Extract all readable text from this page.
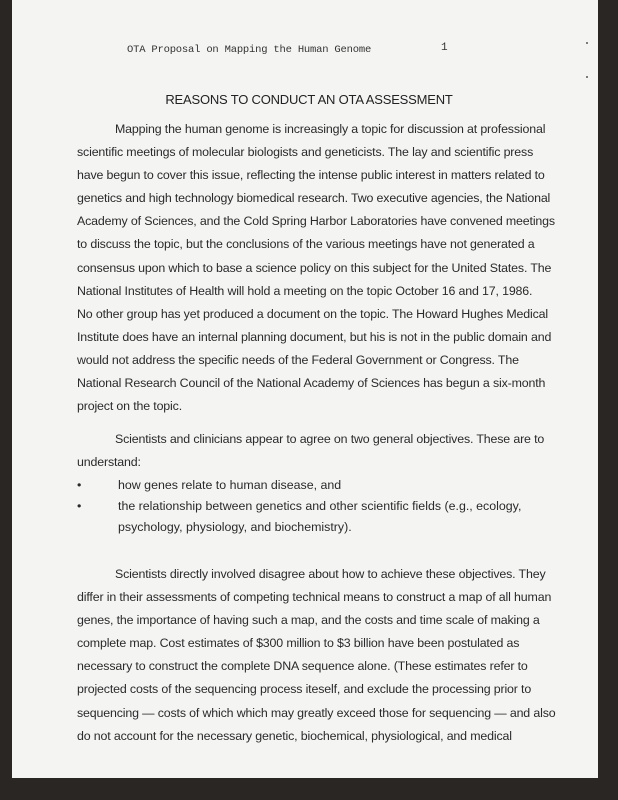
OTA Proposal on Mapping the Human Genome	1
REASONS TO CONDUCT AN OTA ASSESSMENT
Mapping the human genome is increasingly a topic for discussion at professional
scientific meetings of molecular biologists and geneticists. The lay and scientific press
have begun to cover this issue, reflecting the intense public interest in matters related to
genetics and high technology biomedical research. Two executive agencies, the National
Academy of Sciences, and the Cold Spring Harbor Laboratories have convened meetings
to discuss the topic, but the conclusions of the various meetings have not generated a
consensus upon which to base a science policy on this subject for the United States. The
National Institutes of Health will hold a meeting on the topic October 16 and 17, 1986.
No other group has yet produced a document on the topic. The Howard Hughes Medical
Institute does have an internal planning document, but his is not in the public domain and
would not address the specific needs of the Federal Government or Congress. The
National Research Council of the National Academy of Sciences has begun a six-month
project on the topic.
Scientists and clinicians appear to agree on two general objectives. These are to
understand:
•	how genes relate to human disease, and
•	the relationship between genetics and other scientific fields (e.g., ecology,
psychology, physiology, and biochemistry).
Scientists directly involved disagree about how to achieve these objectives. They
differ in their assessments of competing technical means to construct a map of all human
genes, the importance of having such a map, and the costs and time scale of making a
complete map. Cost estimates of $300 million to $3 billion have been postulated as
necessary to construct the complete DNA sequence alone. (These estimates refer to
projected costs of the sequencing process iteself, and exclude the processing prior to
sequencing — costs of which which may greatly exceed those for sequencing — and also
do not account for the necessary genetic, biochemical, physiological, and medical
